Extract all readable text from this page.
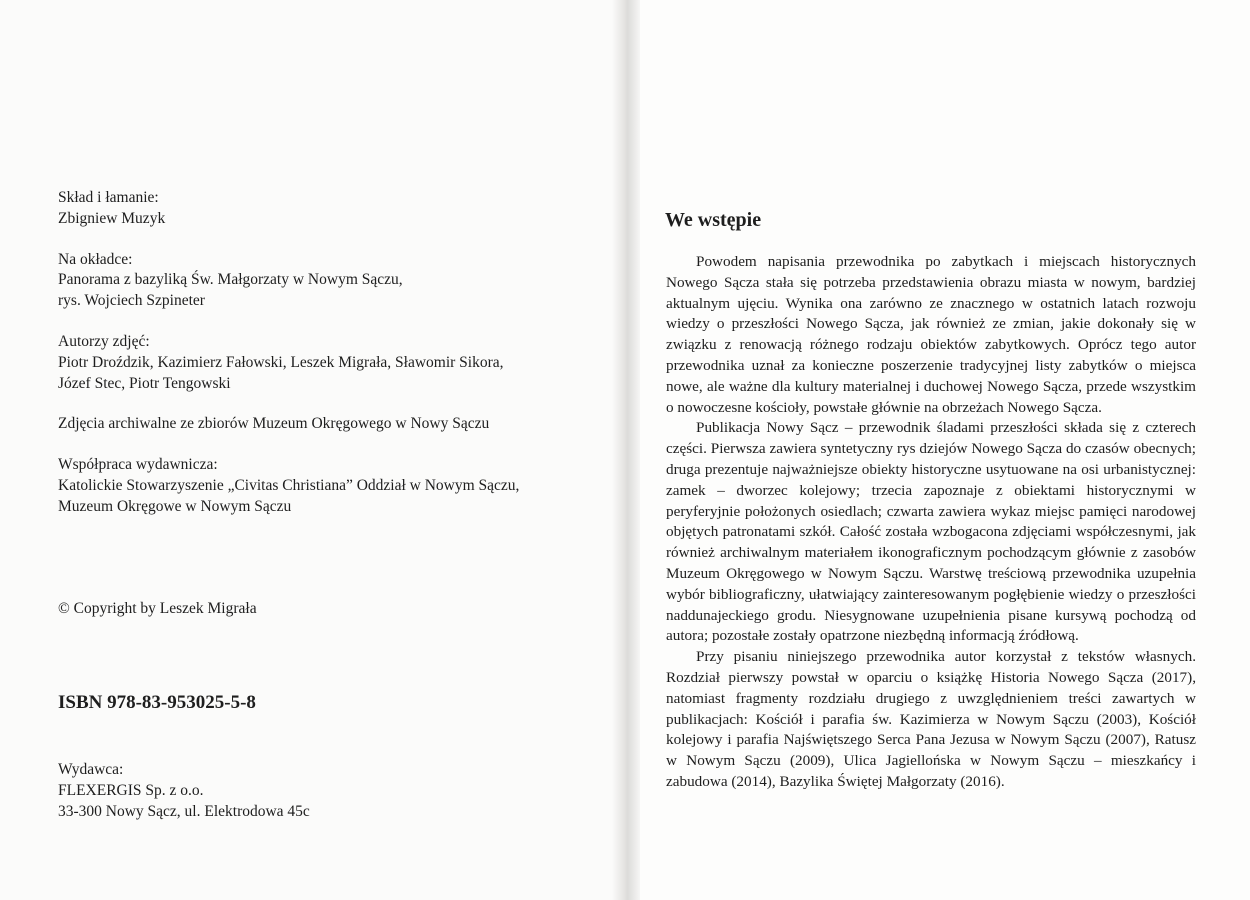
Skład i łamanie:
Zbigniew Muzyk
Na okładce:
Panorama z bazyliką Św. Małgorzaty w Nowym Sączu,
rys. Wojciech Szpineter
Autorzy zdjęć:
Piotr Droździk, Kazimierz Fałowski, Leszek Migrała, Sławomir Sikora,
Józef Stec, Piotr Tengowski
Zdjęcia archiwalne ze zbiorów Muzeum Okręgowego w Nowy Sączu
Współpraca wydawnicza:
Katolickie Stowarzyszenie „Civitas Christiana” Oddział w Nowym Sączu,
Muzeum Okręgowe w Nowym Sączu
© Copyright by Leszek Migrała
ISBN 978-83-953025-5-8
Wydawca:
FLEXERGIS Sp. z o.o.
33-300 Nowy Sącz, ul. Elektrodowa 45c
We wstępie

Powodem napisania przewodnika po zabytkach i miejscach historycznych Nowego Sącza stała się potrzeba przedstawienia obrazu miasta w nowym, bardziej aktualnym ujęciu. Wynika ona zarówno ze znacznego w ostatnich latach rozwoju wiedzy o przeszłości Nowego Sącza, jak również ze zmian, jakie dokonały się w związku z renowacją różnego rodzaju obiektów zabytkowych. Oprócz tego autor przewodnika uznał za konieczne poszerzenie tradycyjnej listy zabytków o miejsca nowe, ale ważne dla kultury materialnej i duchowej Nowego Sącza, przede wszystkim o nowoczesne kościoły, powstałe głównie na obrzeżach Nowego Sącza.

Publikacja Nowy Sącz – przewodnik śladami przeszłości składa się z czterech części. Pierwsza zawiera syntetyczny rys dziejów Nowego Sącza do czasów obecnych; druga prezentuje najważniejsze obiekty historyczne usytuowane na osi urbanistycznej: zamek – dworzec kolejowy; trzecia zapoznaje z obiektami historycznymi w peryferyjnie położonych osiedlach; czwarta zawiera wykaz miejsc pamięci narodowej objętych patronatami szkół. Całość została wzbogacona zdjęciami współczesnymi, jak również archiwalnym materiałem ikonograficznym pochodzącym głównie z zasobów Muzeum Okręgowego w Nowym Sączu. Warstwę treściową przewodnika uzupełnia wybór bibliograficzny, ułatwiający zainteresowanym pogłębienie wiedzy o przeszłości naddunajeckiego grodu. Niesygnowane uzupełnienia pisane kursywą pochodzą od autora; pozostałe zostały opatrzone niezbędną informacją źródłową.

Przy pisaniu niniejszego przewodnika autor korzystał z tekstów własnych. Rozdział pierwszy powstał w oparciu o książkę Historia Nowego Sącza (2017), natomiast fragmenty rozdziału drugiego z uwzględnieniem treści zawartych w publikacjach: Kościół i parafia św. Kazimierza w Nowym Sączu (2003), Kościół kolejowy i parafia Najświętszego Serca Pana Jezusa w Nowym Sączu (2007), Ratusz w Nowym Sączu (2009), Ulica Jagiellońska w Nowym Sączu – mieszkańcy i zabudowa (2014), Bazylika Świętej Małgorzaty (2016).
